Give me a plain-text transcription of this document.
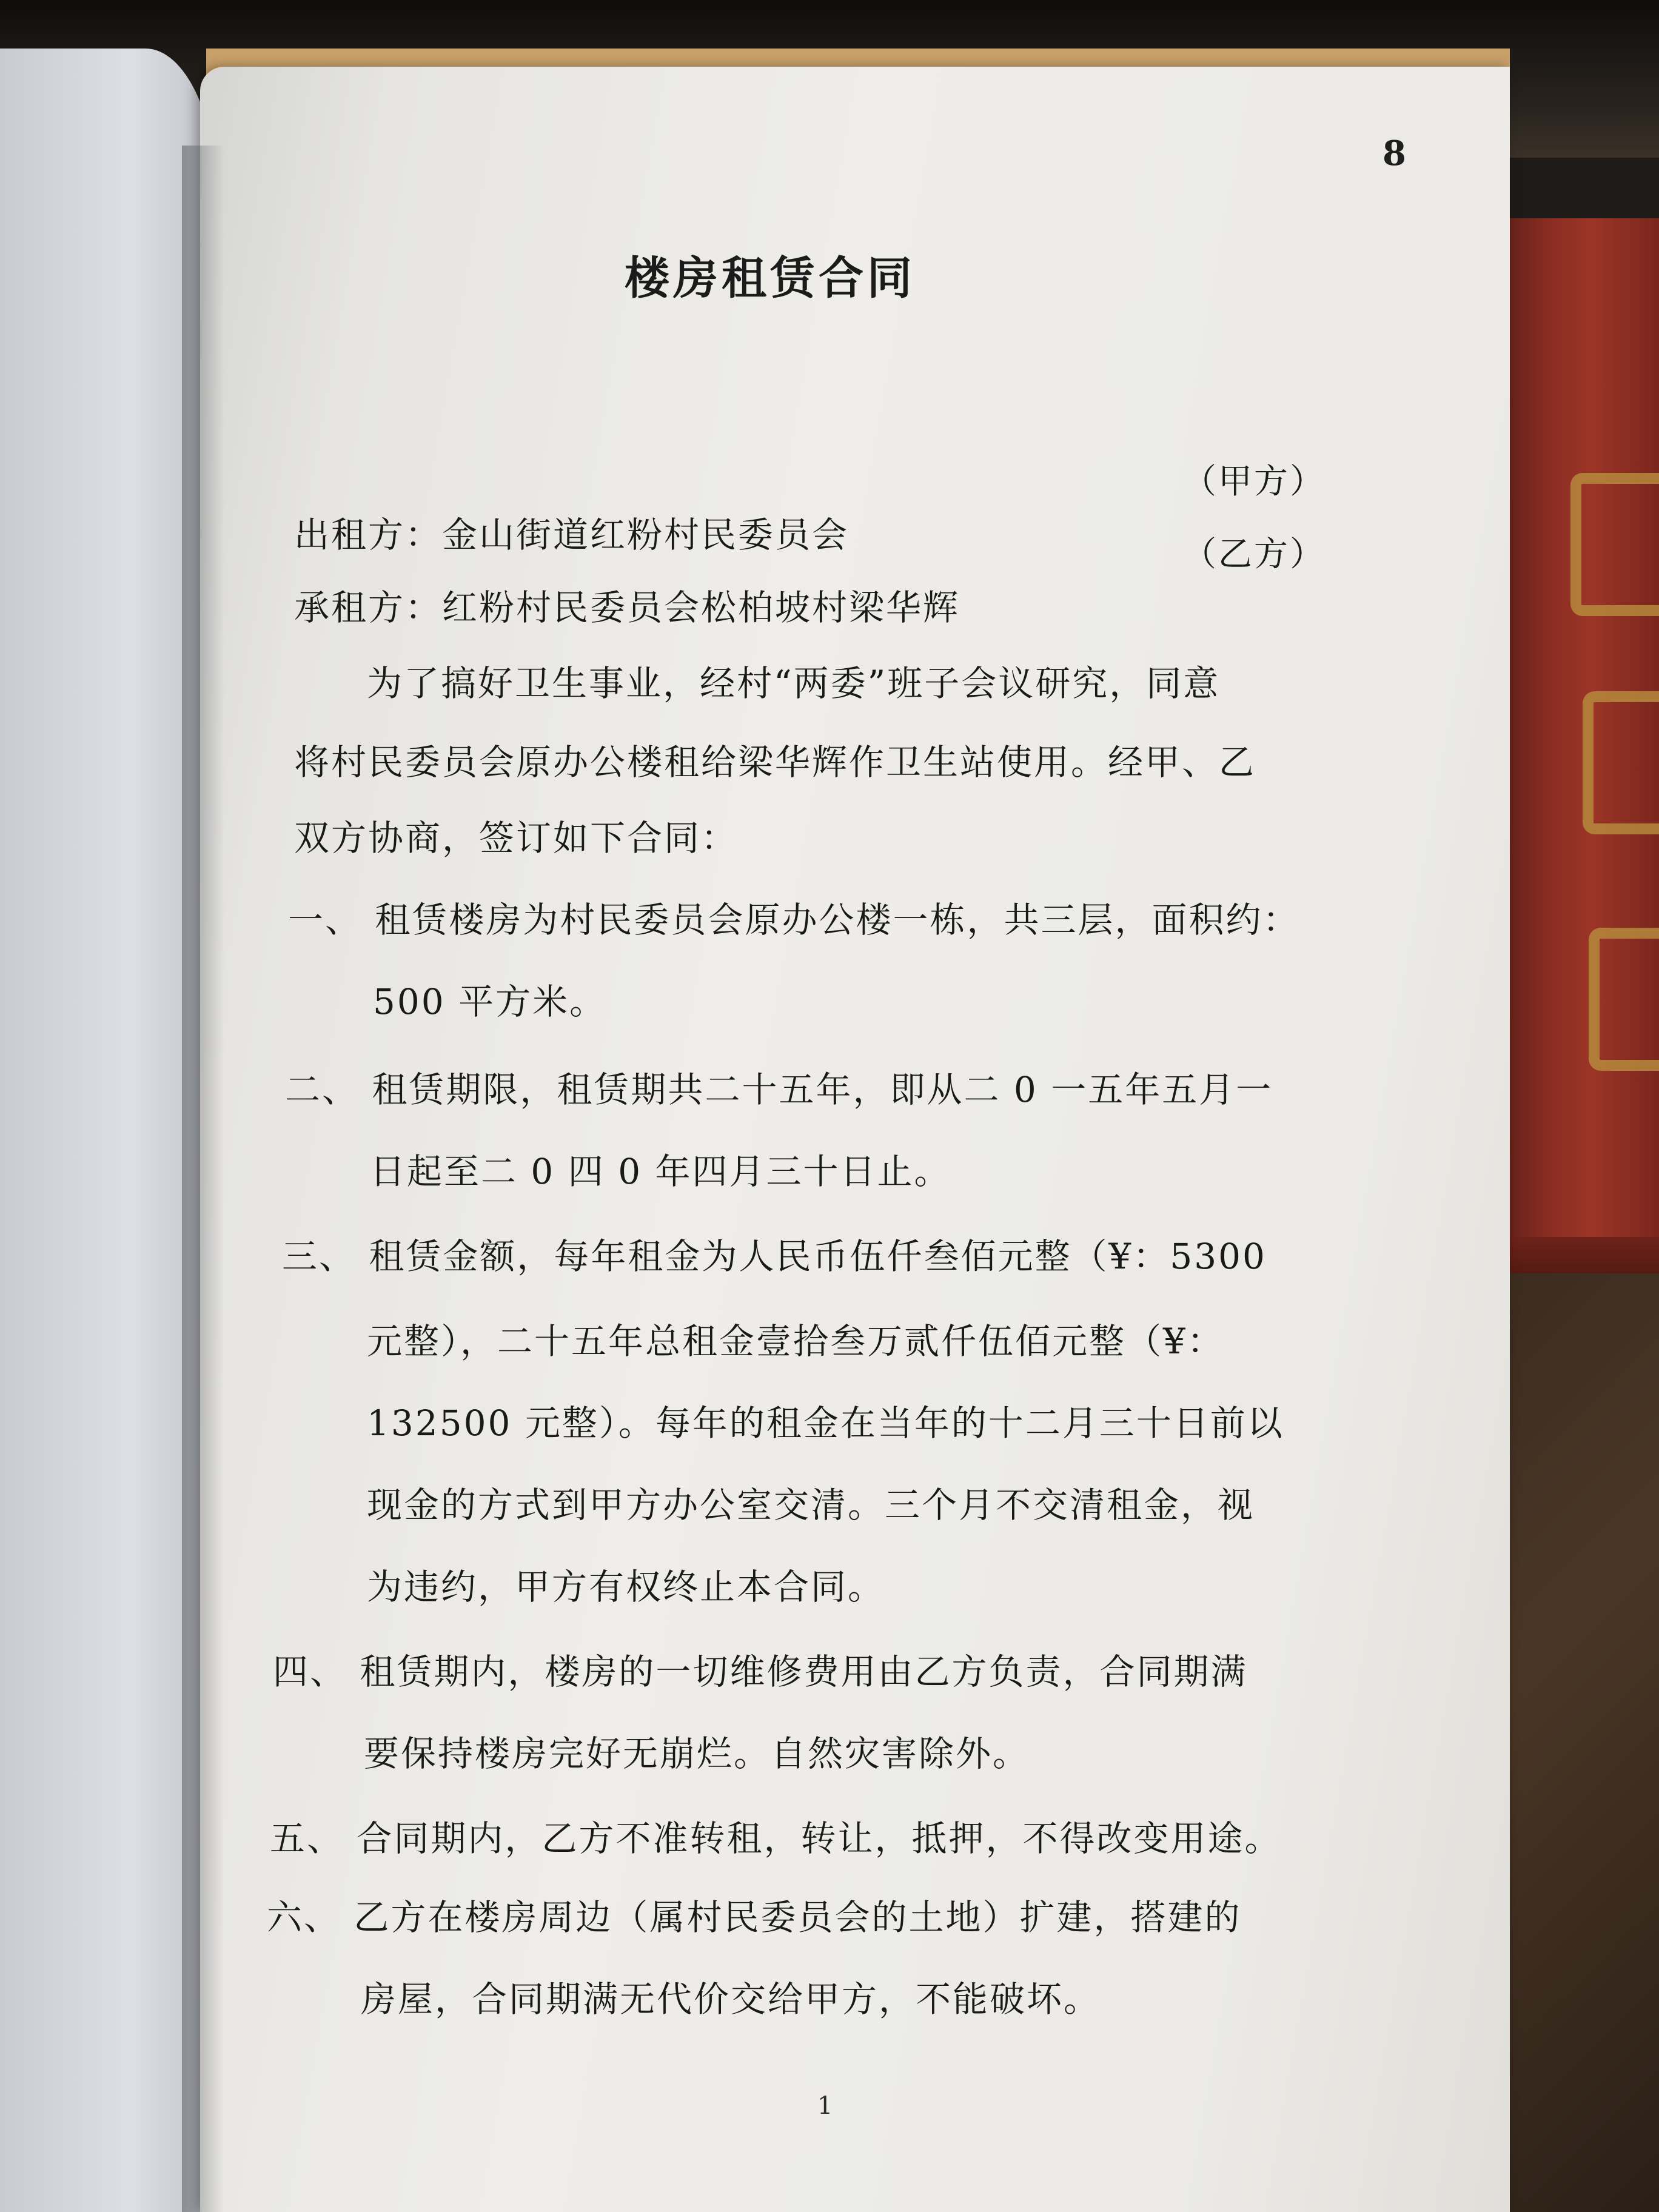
8
楼房租赁合同
（甲方）
出租方：金山街道红粉村民委员会	（乙方）
承租方：红粉村民委员会松柏坡村梁华辉
为了搞好卫生事业，经村“两委”班子会议研究，同意
将村民委员会原办公楼租给梁华辉作卫生站使用。经甲、乙
双方协商，签订如下合同：
一、 租赁楼房为村民委员会原办公楼一栋，共三层，面积约：
500 平方米。
二、 租赁期限，租赁期共二十五年，即从二 0 一五年五月一
日起至二 0 四 0 年四月三十日止。
三、 租赁金额，每年租金为人民币伍仟叁佰元整（¥：5300
元整），二十五年总租金壹拾叁万贰仟伍佰元整（¥：
132500 元整）。每年的租金在当年的十二月三十日前以
现金的方式到甲方办公室交清。三个月不交清租金，视
为违约，甲方有权终止本合同。
四、 租赁期内，楼房的一切维修费用由乙方负责，合同期满
要保持楼房完好无崩烂。自然灾害除外。
五、 合同期内，乙方不准转租，转让，抵押，不得改变用途。
六、 乙方在楼房周边（属村民委员会的土地）扩建，搭建的
房屋，合同期满无代价交给甲方，不能破坏。
1
